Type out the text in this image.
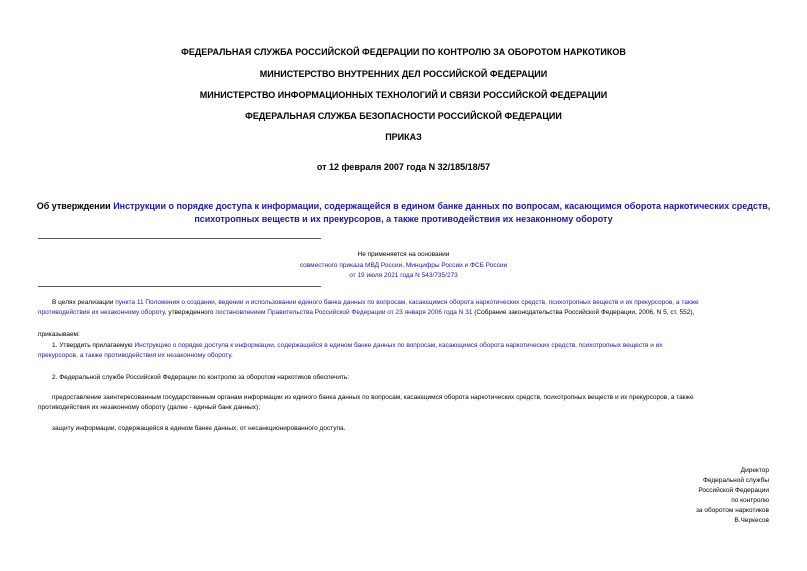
ФЕДЕРАЛЬНАЯ СЛУЖБА РОССИЙСКОЙ ФЕДЕРАЦИИ ПО КОНТРОЛЮ ЗА ОБОРОТОМ НАРКОТИКОВ
МИНИСТЕРСТВО ВНУТРЕННИХ ДЕЛ РОССИЙСКОЙ ФЕДЕРАЦИИ
МИНИСТЕРСТВО ИНФОРМАЦИОННЫХ ТЕХНОЛОГИЙ И СВЯЗИ РОССИЙСКОЙ ФЕДЕРАЦИИ
ФЕДЕРАЛЬНАЯ СЛУЖБА БЕЗОПАСНОСТИ РОССИЙСКОЙ ФЕДЕРАЦИИ
ПРИКАЗ
от 12 февраля 2007 года N 32/185/18/57
Об утверждении Инструкции о порядке доступа к информации, содержащейся в едином банке данных по вопросам, касающимся оборота наркотических средств,
психотропных веществ и их прекурсоров, а также противодействия их незаконному обороту
Не применяется на основании
совместного приказа МВД России, Минцифры России и ФСБ России
от 19 июля 2021 года N 543/735/273
В целях реализации пункта 11 Положения о создании, ведении и использовании единого банка данных по вопросам, касающимся оборота наркотических средств, психотропных веществ и их прекурсоров, а также
противодействия их незаконному обороту, утвержденного постановлением Правительства Российской Федерации от 23 января 2006 года N 31 (Собрание законодательства Российской Федерации, 2006, N 5, ст. 552),
приказываем:
1. Утвердить прилагаемую Инструкцию о порядке доступа к информации, содержащейся в едином банке данных по вопросам, касающимся оборота наркотических средств, психотропных веществ и их
прекурсоров, а также противодействия их незаконному обороту.
2. Федеральной службе Российской Федерации по контролю за оборотом наркотиков обеспечить:
предоставление заинтересованным государственным органам информации из единого банка данных по вопросам, касающимся оборота наркотических средств, психотропных веществ и их прекурсоров, а также
противодействия их незаконному обороту (далее - единый банк данных);
защиту информации, содержащейся в едином банке данных, от несанкционированного доступа.
Директор
Федеральной службы
Российской Федерации
по контролю
за оборотом наркотиков
В.Черкесов
